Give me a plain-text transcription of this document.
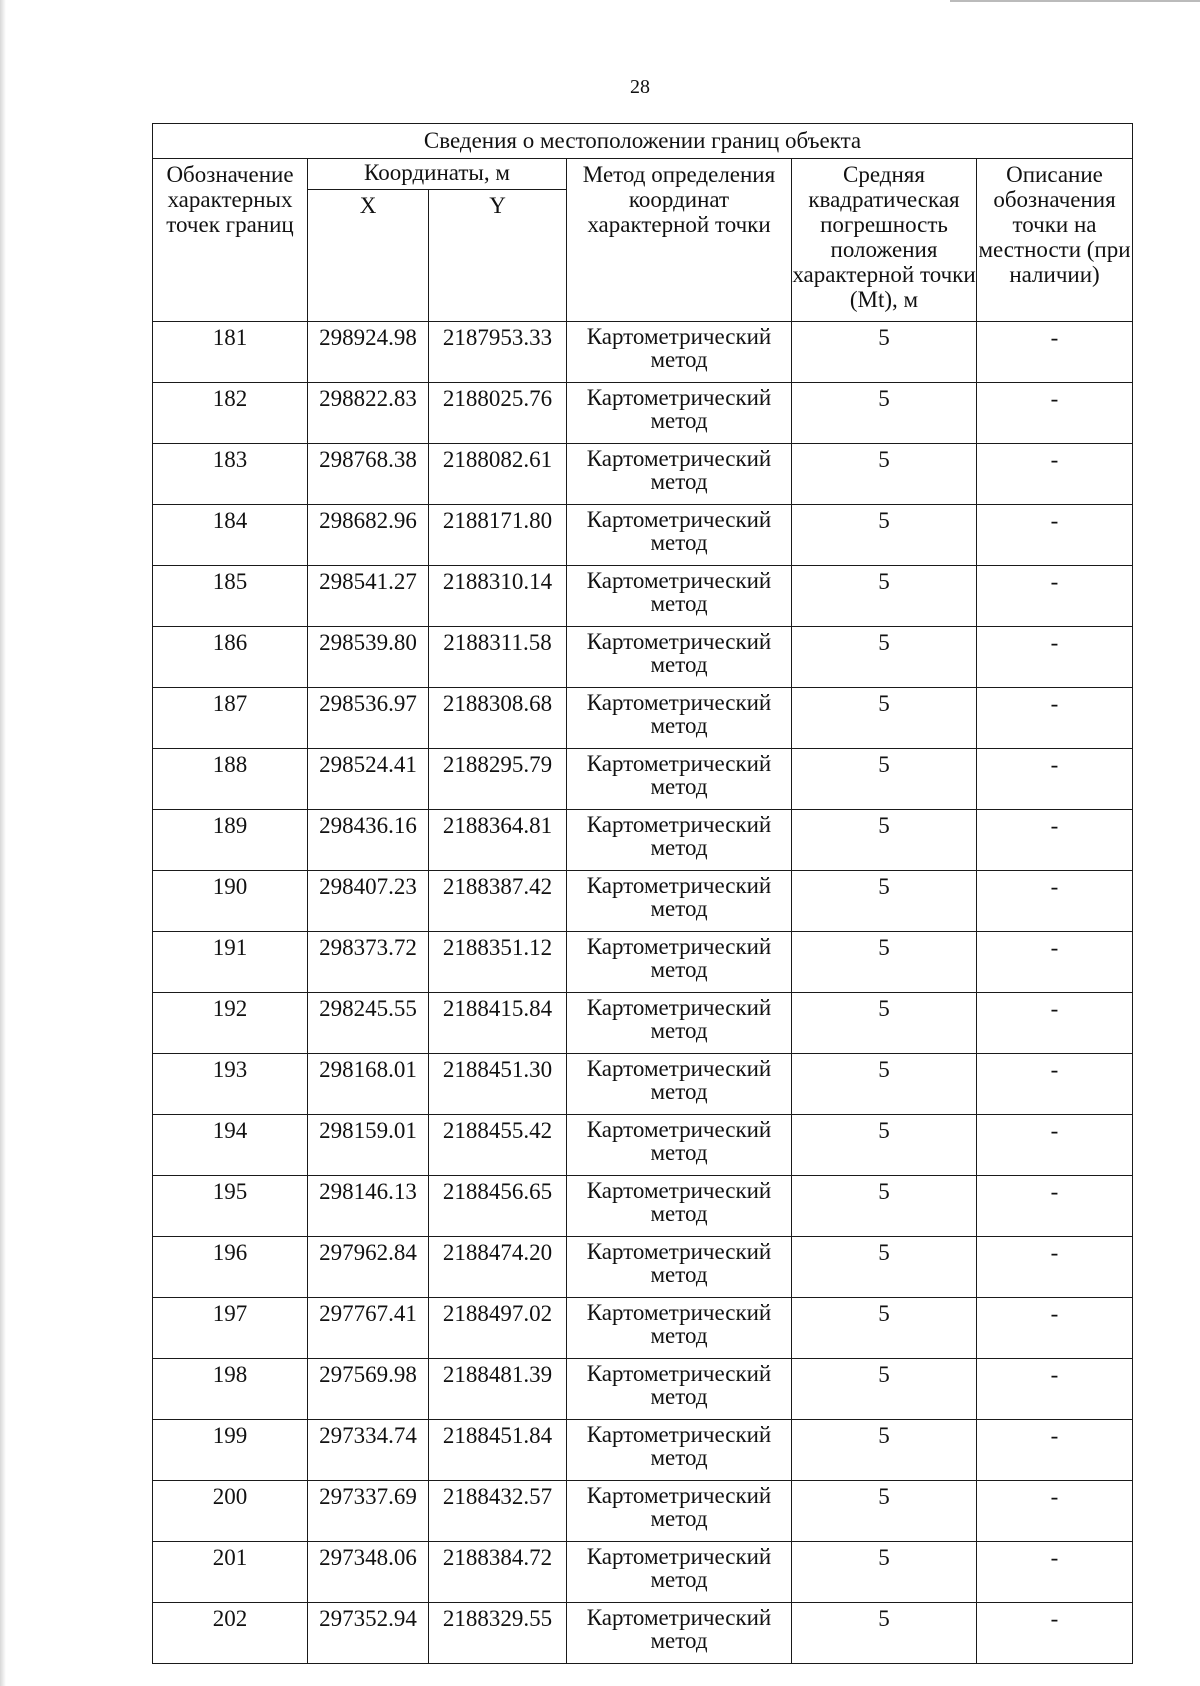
28
Сведения о местоположении границ объекта					
Обозначение характерных точек границ	Координаты, м		Метод определения координат характерной точки	Средняя квадратическая погрешность положения характерной точки (Mt), м	Описание обозначения точки на местности (при наличии)
	X	Y			
181	298924.98	2187953.33	Картометрический метод	5	-
182	298822.83	2188025.76	Картометрический метод	5	-
183	298768.38	2188082.61	Картометрический метод	5	-
184	298682.96	2188171.80	Картометрический метод	5	-
185	298541.27	2188310.14	Картометрический метод	5	-
186	298539.80	2188311.58	Картометрический метод	5	-
187	298536.97	2188308.68	Картометрический метод	5	-
188	298524.41	2188295.79	Картометрический метод	5	-
189	298436.16	2188364.81	Картометрический метод	5	-
190	298407.23	2188387.42	Картометрический метод	5	-
191	298373.72	2188351.12	Картометрический метод	5	-
192	298245.55	2188415.84	Картометрический метод	5	-
193	298168.01	2188451.30	Картометрический метод	5	-
194	298159.01	2188455.42	Картометрический метод	5	-
195	298146.13	2188456.65	Картометрический метод	5	-
196	297962.84	2188474.20	Картометрический метод	5	-
197	297767.41	2188497.02	Картометрический метод	5	-
198	297569.98	2188481.39	Картометрический метод	5	-
199	297334.74	2188451.84	Картометрический метод	5	-
200	297337.69	2188432.57	Картометрический метод	5	-
201	297348.06	2188384.72	Картометрический метод	5	-
202	297352.94	2188329.55	Картометрический метод	5	-
